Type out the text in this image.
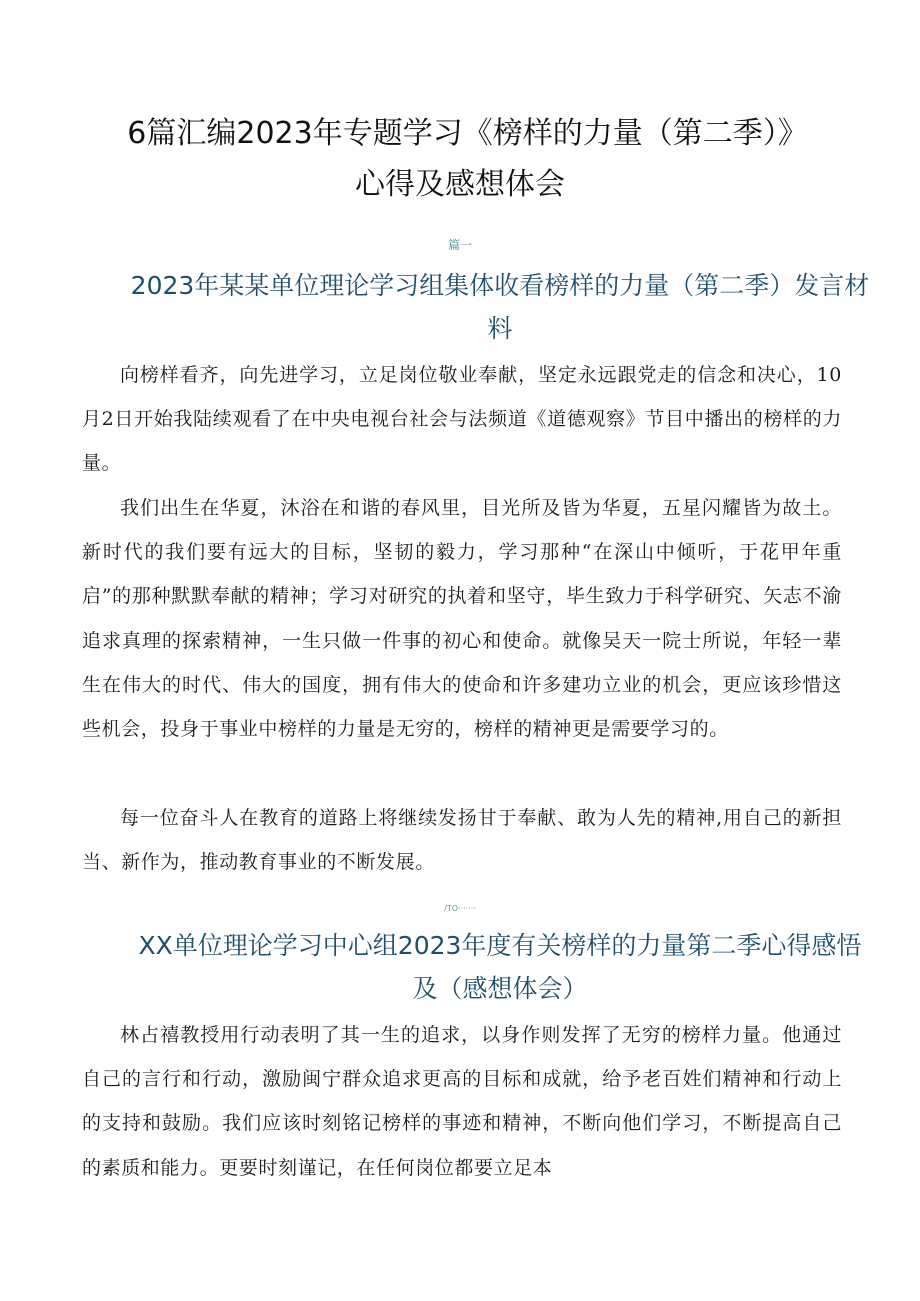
6篇汇编2023年专题学习《榜样的力量（第二季）》心得及感想体会
篇一
2023年某某单位理论学习组集体收看榜样的力量（第二季）发言材料

向榜样看齐，向先进学习，立足岗位敬业奉献，坚定永远跟党走的信念和决心，10月2日开始我陆续观看了在中央电视台社会与法频道《道德观察》节目中播出的榜样的力量。

我们出生在华夏，沐浴在和谐的春风里，目光所及皆为华夏，五星闪耀皆为故土。新时代的我们要有远大的目标，坚韧的毅力，学习那种“在深山中倾听，于花甲年重启”的那种默默奉献的精神；学习对研究的执着和坚守，毕生致力于科学研究、矢志不渝追求真理的探索精神，一生只做一件事的初心和使命。就像吴天一院士所说，年轻一辈生在伟大的时代、伟大的国度，拥有伟大的使命和许多建功立业的机会，更应该珍惜这些机会，投身于事业中榜样的力量是无穷的，榜样的精神更是需要学习的。

每一位奋斗人在教育的道路上将继续发扬甘于奉献、敢为人先的精神,用自己的新担当、新作为，推动教育事业的不断发展。

/TO·······
XX单位理论学习中心组2023年度有关榜样的力量第二季心得感悟及（感想体会）

林占禧教授用行动表明了其一生的追求，以身作则发挥了无穷的榜样力量。他通过自己的言行和行动，激励闽宁群众追求更高的目标和成就，给予老百姓们精神和行动上的支持和鼓励。我们应该时刻铭记榜样的事迹和精神，不断向他们学习，不断提高自己的素质和能力。更要时刻谨记，在任何岗位都要立足本
